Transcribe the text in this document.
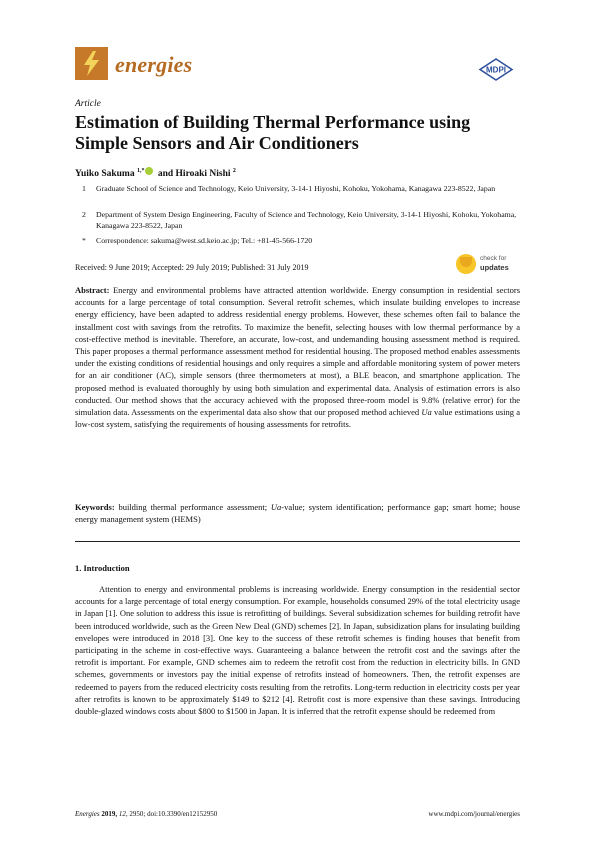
energies	MDPI
Article
Estimation of Building Thermal Performance using Simple Sensors and Air Conditioners
Yuiko Sakuma $^{1,*}$ and Hiroaki Nishi $^2$
1 Graduate School of Science and Technology, Keio University, 3-14-1 Hiyoshi, Kohoku, Yokohama, Kanagawa 223-8522, Japan
2 Department of System Design Engineering, Faculty of Science and Technology, Keio University, 3-14-1 Hiyoshi, Kohoku, Yokohama, Kanagawa 223-8522, Japan
* Correspondence: sakuma@west.sd.keio.ac.jp; Tel.: +81-45-566-1720
check for
updates
Received: 9 June 2019; Accepted: 29 July 2019; Published: 31 July 2019
Abstract: Energy and environmental problems have attracted attention worldwide. Energy consumption in residential sectors accounts for a large percentage of total consumption. Several retrofit schemes, which insulate building envelopes to increase energy efficiency, have been adapted to address residential energy problems. However, these schemes often fail to balance the installment cost with savings from the retrofits. To maximize the benefit, selecting houses with low thermal performance by a cost-effective method is inevitable. Therefore, an accurate, low-cost, and undemanding housing assessment method is required. This paper proposes a thermal performance assessment method for residential housing. The proposed method enables assessments under the existing conditions of residential housings and only requires a simple and affordable monitoring system of power meters for an air conditioner (AC), simple sensors (three thermometers at most), a BLE beacon, and smartphone application. The proposed method is evaluated thoroughly by using both simulation and experimental data. Analysis of estimation errors is also conducted. Our method shows that the accuracy achieved with the proposed three-room model is 9.8% (relative error) for the simulation data. Assessments on the experimental data also show that our proposed method achieved Ua value estimations using a low-cost system, satisfying the requirements of housing assessments for retrofits.
Keywords: building thermal performance assessment; Ua-value; system identification; performance gap; smart home; house energy management system (HEMS)
1. Introduction
Attention to energy and environmental problems is increasing worldwide. Energy consumption in the residential sector accounts for a large percentage of total energy consumption. For example, households consumed 29% of the total electricity usage in Japan [1]. One solution to address this issue is retrofitting of buildings. Several subsidization schemes for building retrofit have been introduced worldwide, such as the Green New Deal (GND) schemes [2]. In Japan, subsidization plans for insulating building envelopes were introduced in 2018 [3]. One key to the success of these retrofit schemes is finding houses that benefit from participating in the scheme in cost-effective ways. Guaranteeing a balance between the retrofit cost and the savings after the retrofit is important. For example, GND schemes aim to redeem the retrofit cost from the reduction in electricity bills. In GND schemes, governments or investors pay the initial expense of retrofits instead of homeowners. Then, the retrofit expenses are redeemed to payers from the reduced electricity costs resulting from the retrofits. Long-term reduction in electricity costs per year after retrofits is known to be approximately $149 to $212 [4]. Retrofit cost is more expensive than these savings. Introducing double-glazed windows costs about $800 to $1500 in Japan. It is inferred that the retrofit expense should be redeemed from
Energies 2019, 12, 2950; doi:10.3390/en12152950	www.mdpi.com/journal/energies
